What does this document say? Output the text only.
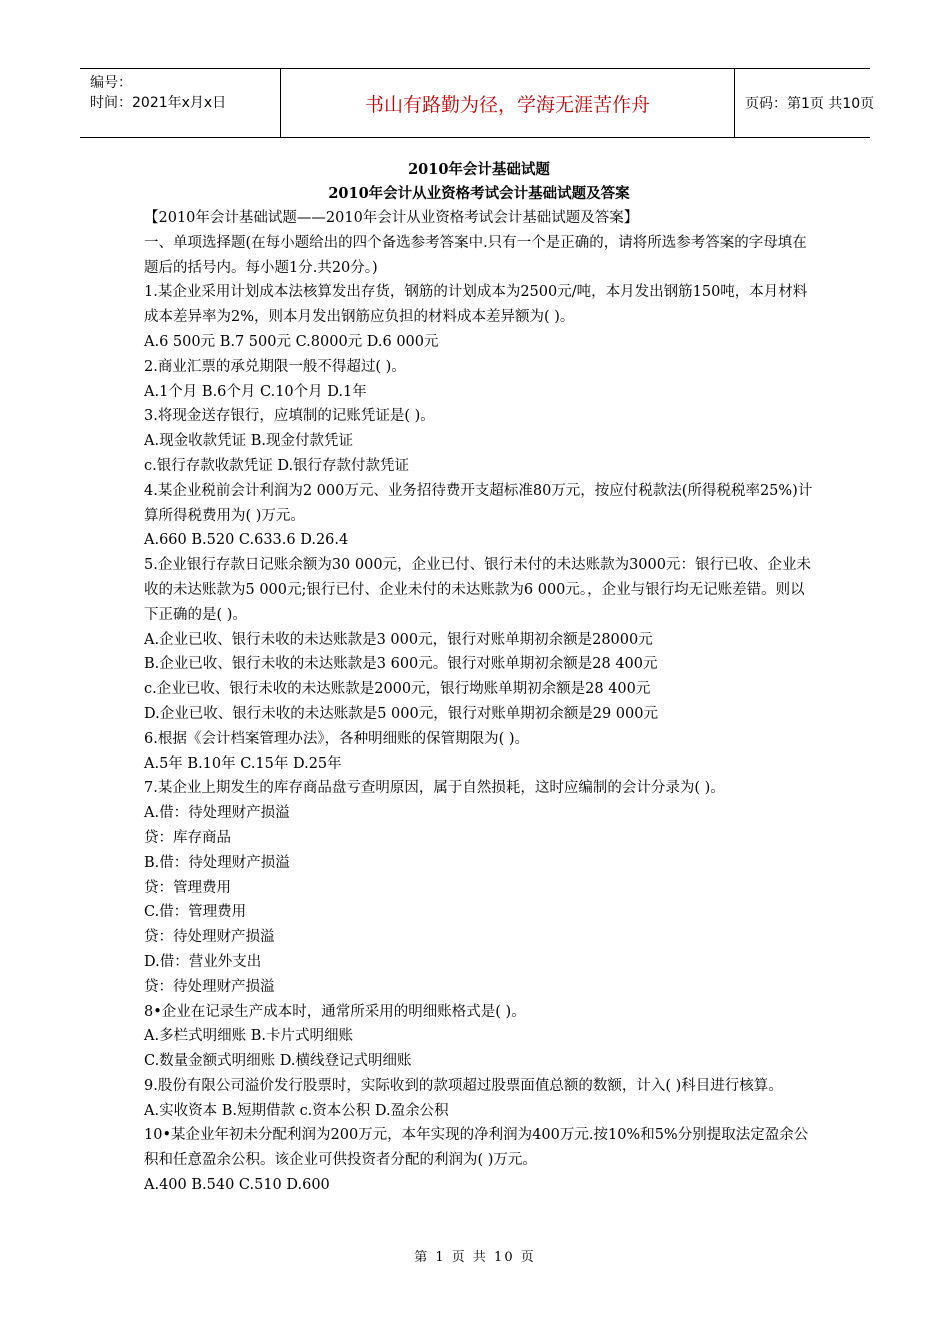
编号：
时间：2021年x月x日	书山有路勤为径，学海无涯苦作舟	页码：第1页 共10页
2010年会计基础试题
2010年会计从业资格考试会计基础试题及答案

【2010年会计基础试题——2010年会计从业资格考试会计基础试题及答案】

一、单项选择题(在每小题给出的四个备选参考答案中.只有一个是正确的，请将所选参考答案的字母填在题后的括号内。每小题1分.共20分。)

1.某企业采用计划成本法核算发出存货，钢筋的计划成本为2500元/吨，本月发出钢筋150吨，本月材料成本差异率为2%，则本月发出钢筋应负担的材料成本差异额为( )。

A.6 500元 B.7 500元 C.8000元 D.6 000元

2.商业汇票的承兑期限一般不得超过( )。

A.1个月 B.6个月 C.10个月 D.1年

3.将现金送存银行，应填制的记账凭证是( )。

A.现金收款凭证 B.现金付款凭证

c.银行存款收款凭证 D.银行存款付款凭证

4.某企业税前会计利润为2 000万元、业务招待费开支超标准80万元，按应付税款法(所得税税率25%)计算所得税费用为( )万元。

A.660 B.520 C.633.6 D.26.4

5.企业银行存款日记账余额为30 000元，企业已付、银行未付的未达账款为3000元：银行已收、企业未收的未达账款为5 000元;银行已付、企业未付的未达账款为6 000元。，企业与银行均无记账差错。则以下正确的是( )。

A.企业已收、银行未收的未达账款是3 000元，银行对账单期初余额是28000元

B.企业已收、银行未收的未达账款是3 600元。银行对账单期初余额是28 400元

c.企业已收、银行未收的未达账款是2000元，银行坳账单期初余额是28 400元

D.企业已收、银行未收的未达账款是5 000元，银行对账单期初余额是29 000元

6.根据《会计档案管理办法》，各种明细账的保管期限为( )。

A.5年 B.10年 C.15年 D.25年

7.某企业上期发生的库存商品盘亏查明原因，属于自然损耗，这时应编制的会计分录为( )。

A.借：待处理财产损溢

贷：库存商品

B.借：待处理财产损溢

贷：管理费用

C.借：管理费用

贷：待处理财产损溢

D.借：营业外支出

贷：待处理财产损溢

8•企业在记录生产成本时，通常所采用的明细账格式是( )。

A.多栏式明细账 B.卡片式明细账

C.数量金额式明细账 D.横线登记式明细账

9.股份有限公司溢价发行股票时，实际收到的款项超过股票面值总额的数额，计入( )科目进行核算。

A.实收资本 B.短期借款 c.资本公积 D.盈余公积

10•某企业年初未分配利润为200万元，本年实现的净利润为400万元.按10%和5%分别提取法定盈余公积和任意盈余公积。该企业可供投资者分配的利润为( )万元。

A.400 B.540 C.510 D.600

第 1 页 共 10 页
